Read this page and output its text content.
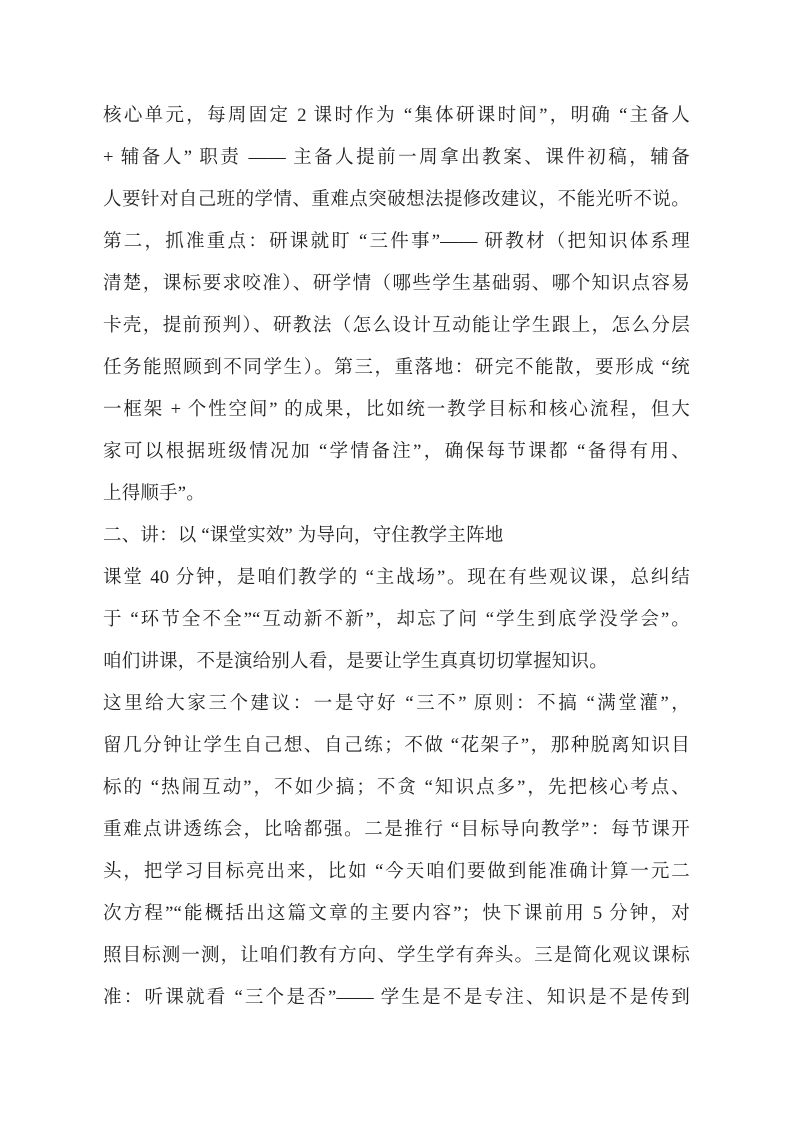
核心单元，每周固定 2 课时作为 “集体研课时间”，明确 “主备人
+ 辅备人” 职责 —— 主备人提前一周拿出教案、课件初稿，辅备
人要针对自己班的学情、重难点突破想法提修改建议，不能光听不说。
第二，抓准重点：研课就盯 “三件事”—— 研教材（把知识体系理
清楚，课标要求咬准）、研学情（哪些学生基础弱、哪个知识点容易
卡壳，提前预判）、研教法（怎么设计互动能让学生跟上，怎么分层
任务能照顾到不同学生）。第三，重落地：研完不能散，要形成 “统
一框架 + 个性空间” 的成果，比如统一教学目标和核心流程，但大
家可以根据班级情况加 “学情备注”，确保每节课都 “备得有用、
上得顺手”。
二、讲：以 “课堂实效” 为导向，守住教学主阵地
课堂 40 分钟，是咱们教学的 “主战场”。现在有些观议课，总纠结
于 “环节全不全”“互动新不新”，却忘了问 “学生到底学没学会”。
咱们讲课，不是演给别人看，是要让学生真真切切掌握知识。
这里给大家三个建议：一是守好 “三不” 原则：不搞 “满堂灌”，
留几分钟让学生自己想、自己练；不做 “花架子”，那种脱离知识目
标的 “热闹互动”，不如少搞；不贪 “知识点多”，先把核心考点、
重难点讲透练会，比啥都强。二是推行 “目标导向教学”：每节课开
头，把学习目标亮出来，比如 “今天咱们要做到能准确计算一元二
次方程”“能概括出这篇文章的主要内容”；快下课前用 5 分钟，对
照目标测一测，让咱们教有方向、学生学有奔头。三是简化观议课标
准：听课就看 “三个是否”—— 学生是不是专注、知识是不是传到
